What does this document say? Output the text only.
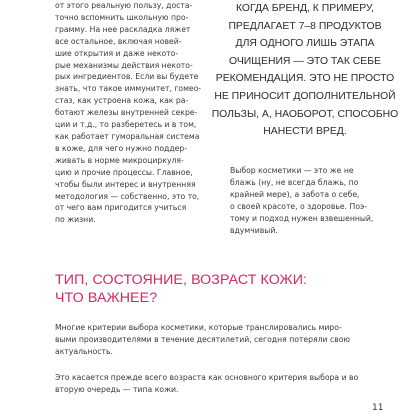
от этого реальную пользу, доста-
точно вспомнить школьную про-
грамму. На нее раскладка ляжет
все остальное, включая новей-
шие открытия и даже некото-
рые механизмы действия некото-
рых ингредиентов. Если вы будете
знать, что такое иммунитет, гомео-
стаз, как устроена кожа, как ра-
ботают железы внутренней секре-
ции и т.д., то разберетесь и в том,
как работает гуморальная система
в коже, для чего нужно поддер-
живать в норме микроциркуля-
цию и прочие процессы. Главное,
чтобы были интерес и внутренняя
методология — собственно, это то,
от чего вам пригодится учиться
по жизни.
КОГДА БРЕНД, К ПРИМЕРУ,
ПРЕДЛАГАЕТ 7–8 ПРОДУКТОВ
ДЛЯ ОДНОГО ЛИШЬ ЭТАПА
ОЧИЩЕНИЯ — ЭТО ТАК СЕБЕ
РЕКОМЕНДАЦИЯ. ЭТО НЕ ПРОСТО
НЕ ПРИНОСИТ ДОПОЛНИТЕЛЬНОЙ
ПОЛЬЗЫ, А, НАОБОРОТ, СПОСОБНО
НАНЕСТИ ВРЕД.
Выбор косметики — это же не
блажь (ну, не всегда блажь, по
крайней мере), а забота о себе,
о своей красоте, о здоровье. Поэ-
тому и подход нужен взвешенный,
вдумчивый.
ТИП, СОСТОЯНИЕ, ВОЗРАСТ КОЖИ:
ЧТО ВАЖНЕЕ?
Многие критерии выбора косметики, которые транслировались миро-
выми производителями в течение десятилетий, сегодня потеряли свою
актуальность.
Это касается прежде всего возраста как основного критерия выбора и во
вторую очередь — типа кожи.
11
